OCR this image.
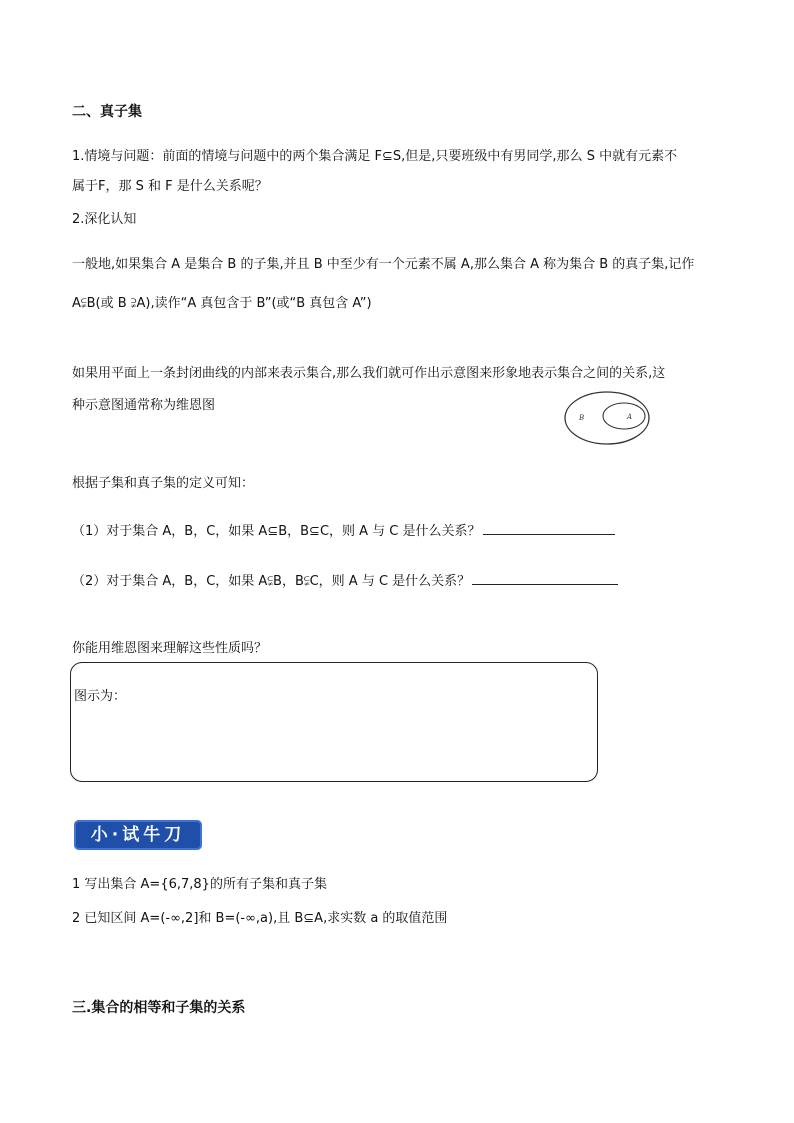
二、真子集
1.情境与问题：前面的情境与问题中的两个集合满足 F⊆S,但是,只要班级中有男同学,那么 S 中就有元素不
属于F，那 S 和 F 是什么关系呢？
2.深化认知
一般地,如果集合 A 是集合 B 的子集,并且 B 中至少有一个元素不属 A,那么集合 A 称为集合 B 的真子集,记作
A⫋B(或 B ⫌A),读作“A 真包含于 B”(或“B 真包含 A”)
如果用平面上一条封闭曲线的内部来表示集合,那么我们就可作出示意图来形象地表示集合之间的关系,这
种示意图通常称为维恩图
B	A
根据子集和真子集的定义可知：
（1）对于集合 A，B，C，如果 A⊆B，B⊆C，则 A 与 C 是什么关系？
（2）对于集合 A，B，C，如果 A⫋B，B⫋C，则 A 与 C 是什么关系？
你能用维恩图来理解这些性质吗？
图示为：
小·试牛刀
1 写出集合 A={6,7,8}的所有子集和真子集
2 已知区间 A=(-∞,2]和 B=(-∞,a),且 B⊆A,求实数 a 的取值范围
三.集合的相等和子集的关系
